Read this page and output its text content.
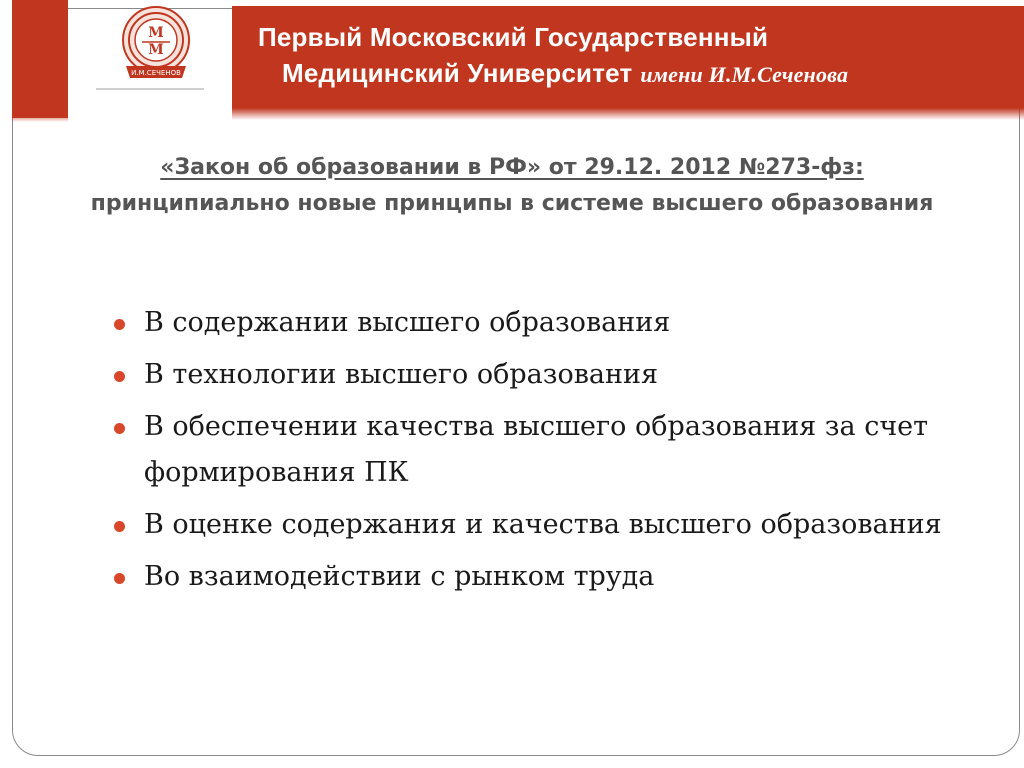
M
M
И.М.СЕЧЕНОВ
Первый Московский Государственный
Медицинский Университет имени И.М.Сеченова
«Закон об образовании в РФ» от 29.12. 2012 №273-фз:
принципиально новые принципы в системе высшего образования
В содержании высшего образования
В технологии высшего образования
В обеспечении качества высшего образования за счет формирования ПК
В оценке содержания и качества высшего образования
Во взаимодействии с рынком труда
